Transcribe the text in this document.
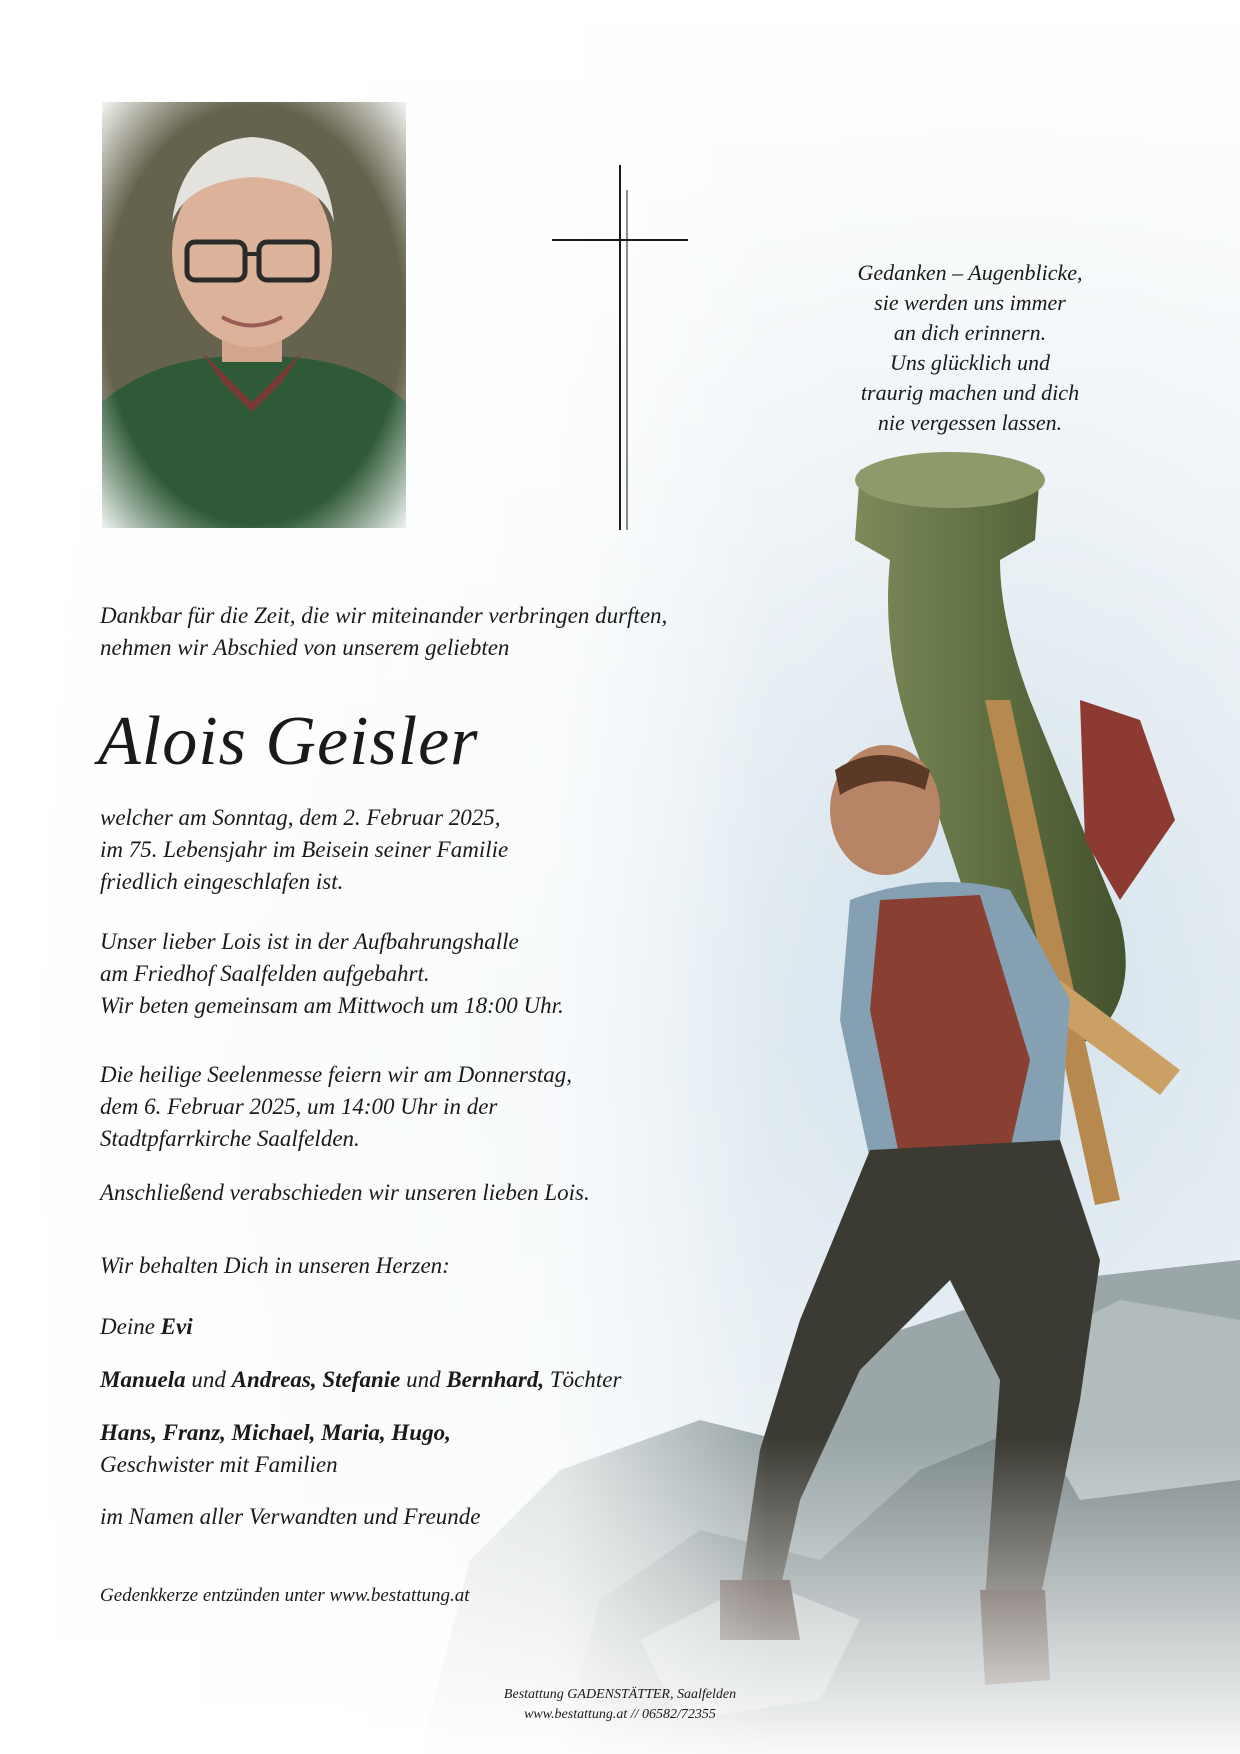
Gedanken – Augenblicke,
sie werden uns immer
an dich erinnern.
Uns glücklich und
traurig machen und dich
nie vergessen lassen.
Dankbar für die Zeit, die wir miteinander verbringen durften,
nehmen wir Abschied von unserem geliebten
Alois Geisler
welcher am Sonntag, dem 2. Februar 2025,
im 75. Lebensjahr im Beisein seiner Familie
friedlich eingeschlafen ist.
Unser lieber Lois ist in der Aufbahrungshalle
am Friedhof Saalfelden aufgebahrt.
Wir beten gemeinsam am Mittwoch um 18:00 Uhr.
Die heilige Seelenmesse feiern wir am Donnerstag,
dem 6. Februar 2025, um 14:00 Uhr in der
Stadtpfarrkirche Saalfelden.
Anschließend verabschieden wir unseren lieben Lois.
Wir behalten Dich in unseren Herzen:
Deine Evi
Manuela und Andreas, Stefanie und Bernhard, Töchter
Hans, Franz, Michael, Maria, Hugo,
Geschwister mit Familien
im Namen aller Verwandten und Freunde
Gedenkkerze entzünden unter www.bestattung.at
Bestattung GADENSTÄTTER, Saalfelden
www.bestattung.at // 06582/72355
